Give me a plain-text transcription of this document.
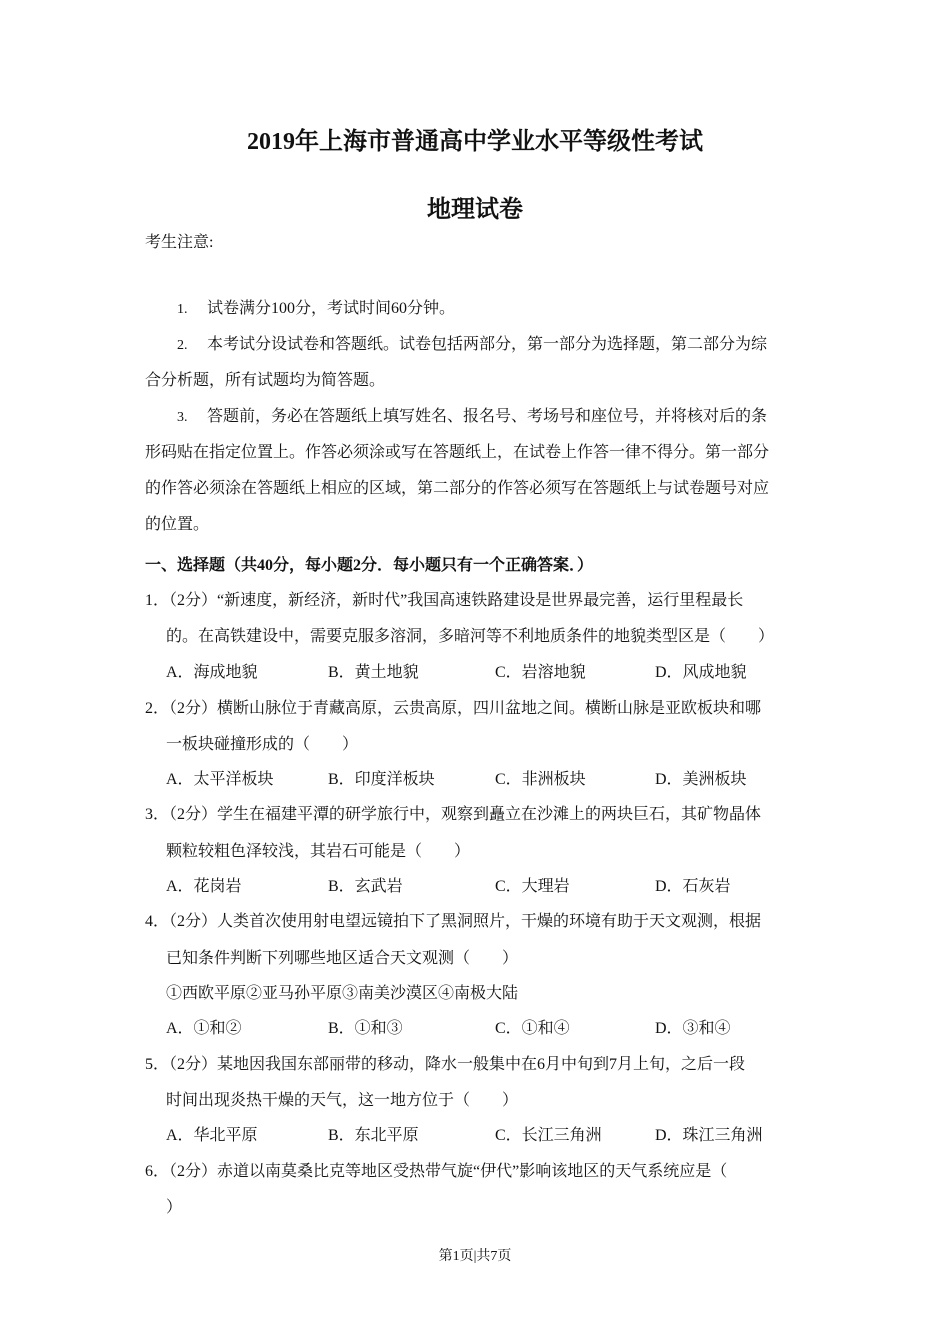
2019年上海市普通高中学业水平等级性考试
地理试卷
考生注意:
1. 试卷满分100分，考试时间60分钟。
2. 本考试分设试卷和答题纸。试卷包括两部分，第一部分为选择题，第二部分为综
合分析题，所有试题均为简答题。
3. 答题前，务必在答题纸上填写姓名、报名号、考场号和座位号，并将核对后的条
形码贴在指定位置上。作答必须涂或写在答题纸上，在试卷上作答一律不得分。第一部分
的作答必须涂在答题纸上相应的区域，第二部分的作答必须写在答题纸上与试卷题号对应
的位置。
一、选择题（共40分，每小题2分．每小题只有一个正确答案．）
1．（2分）“新速度，新经济，新时代”我国高速铁路建设是世界最完善，运行里程最长
的。在高铁建设中，需要克服多溶洞，多暗河等不利地质条件的地貌类型区是（　　）
A．海成地貌	B．黄土地貌	C．岩溶地貌	D．风成地貌
2．（2分）横断山脉位于青藏高原，云贵高原，四川盆地之间。横断山脉是亚欧板块和哪
一板块碰撞形成的（　　）
A．太平洋板块	B．印度洋板块	C．非洲板块	D．美洲板块
3．（2分）学生在福建平潭的研学旅行中，观察到矗立在沙滩上的两块巨石，其矿物晶体
颗粒较粗色泽较浅，其岩石可能是（　　）
A．花岗岩	B．玄武岩	C．大理岩	D．石灰岩
4．（2分）人类首次使用射电望远镜拍下了黑洞照片，干燥的环境有助于天文观测，根据
已知条件判断下列哪些地区适合天文观测（　　）
①西欧平原②亚马孙平原③南美沙漠区④南极大陆
A．①和②	B．①和③	C．①和④	D．③和④
5．（2分）某地因我国东部丽带的移动，降水一般集中在6月中旬到7月上旬，之后一段
时间出现炎热干燥的天气，这一地方位于（　　）
A．华北平原	B．东北平原	C．长江三角洲	D．珠江三角洲
6．（2分）赤道以南莫桑比克等地区受热带气旋“伊代”影响该地区的天气系统应是（
）
第1页|共7页
